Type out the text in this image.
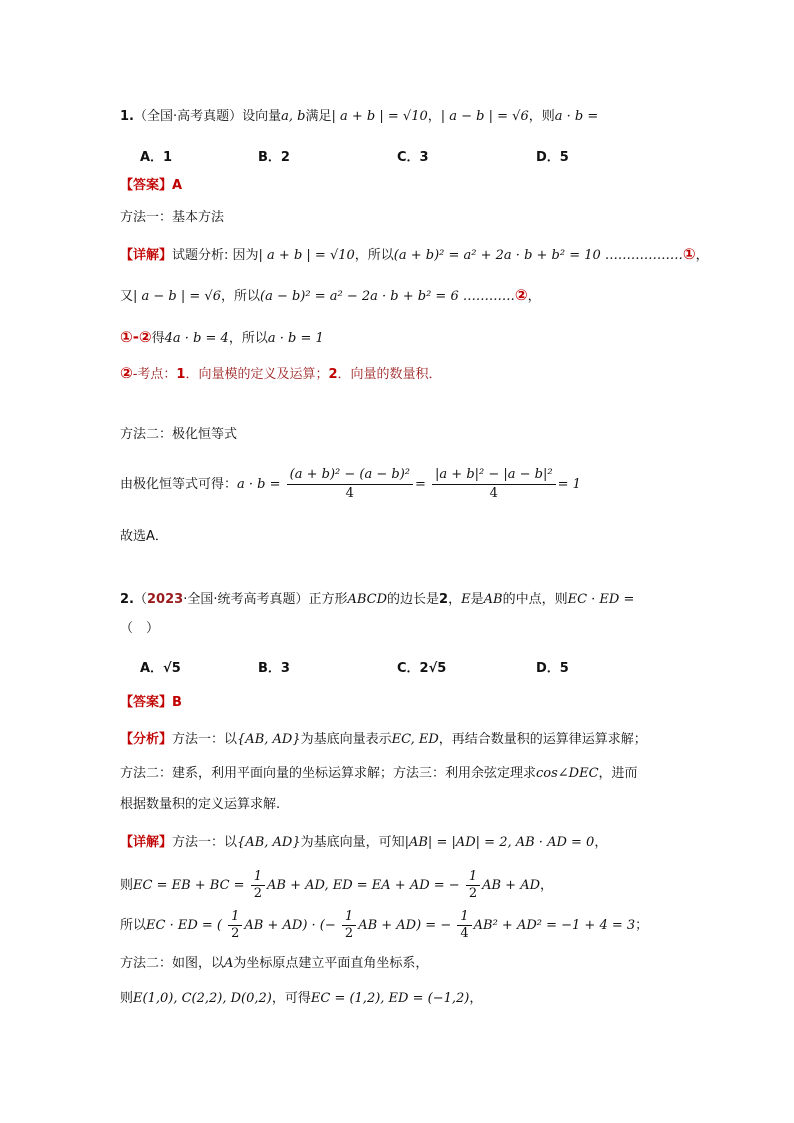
1.（全国·高考真题）设向量a, b满足| a + b | = √10，| a − b | = √6，则a · b =
A．1	B．2	C．3	D．5
【答案】A
方法一：基本方法
【详解】试题分析: 因为| a + b | = √10，所以(a + b)² = a² + 2a · b + b² = 10 ………………①，
又| a − b | = √6，所以(a − b)² = a² − 2a · b + b² = 6 …………②，
①-②得4a · b = 4，所以a · b = 1
②-考点：1．向量模的定义及运算；2．向量的数量积．
方法二：极化恒等式
由极化恒等式可得：$a \cdot b = \frac{\text{(a + b)² − (a − b)²}}{4} = \frac{\text{|a + b|² − |a − b|²}}{4} = 1$
故选A．
2.（2023·全国·统考高考真题）正方形ABCD的边长是2，E是AB的中点，则EC · ED =
（　）
A．√5	B．3	C．2√5	D．5
【答案】B
【分析】方法一：以{AB, AD}为基底向量表示EC, ED，再结合数量积的运算律运算求解；
方法二：建系，利用平面向量的坐标运算求解；方法三：利用余弦定理求cos∠DEC，进而
根据数量积的定义运算求解.
【详解】方法一：以{AB, AD}为基底向量，可知|AB| = |AD| = 2, AB · AD = 0，
则EC = EB + BC = $\frac{1}{2}$ AB + AD, ED = EA + AD = − $\frac{1}{2}$ AB + AD，
所以EC · ED = ( $\frac{1}{2}$ AB + AD) · (− $\frac{1}{2}$ AB + AD) = − $\frac{1}{4} AB^2 + AD^2 = -1 + 4 = 3$；
方法二：如图，以A为坐标原点建立平面直角坐标系，
则E(1,0), C(2,2), D(0,2)，可得EC = (1,2), ED = (−1,2)，
